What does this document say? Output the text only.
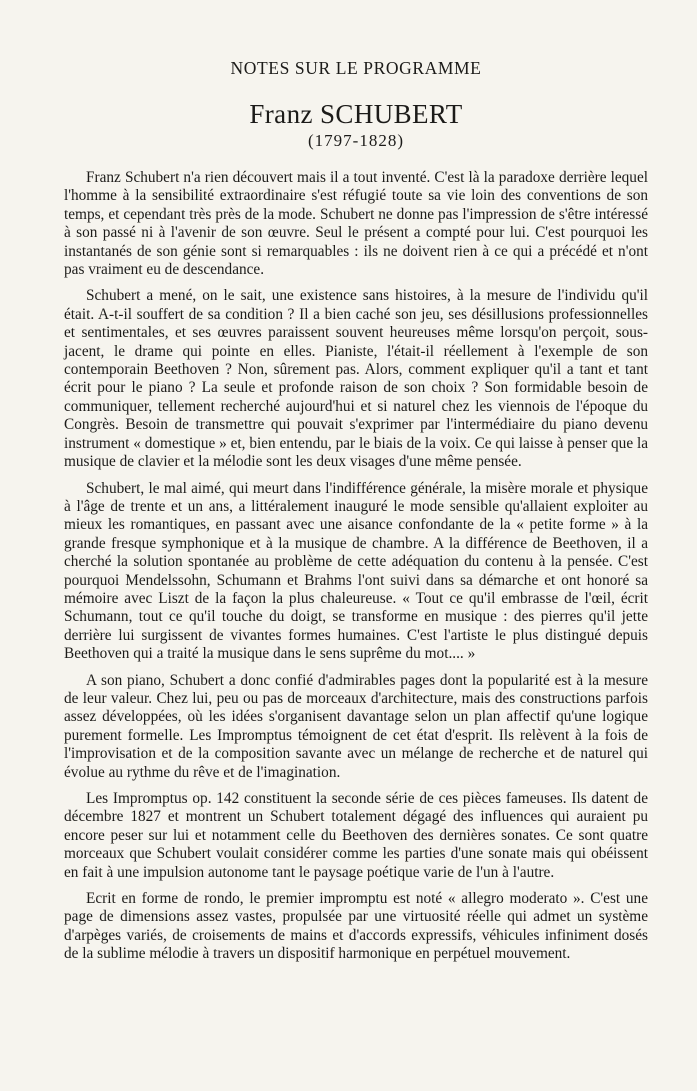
NOTES SUR LE PROGRAMME
Franz SCHUBERT
(1797-1828)

Franz Schubert n'a rien découvert mais il a tout inventé. C'est là la paradoxe derrière lequel l'homme à la sensibilité extraordinaire s'est réfugié toute sa vie loin des conventions de son temps, et cependant très près de la mode. Schubert ne donne pas l'impression de s'être intéressé à son passé ni à l'avenir de son œuvre. Seul le présent a compté pour lui. C'est pourquoi les instantanés de son génie sont si remarquables : ils ne doivent rien à ce qui a précédé et n'ont pas vraiment eu de descendance.

Schubert a mené, on le sait, une existence sans histoires, à la mesure de l'individu qu'il était. A-t-il souffert de sa condition ? Il a bien caché son jeu, ses désillusions professionnelles et sentimentales, et ses œuvres paraissent souvent heureuses même lorsqu'on perçoit, sous-jacent, le drame qui pointe en elles. Pianiste, l'était-il réellement à l'exemple de son contemporain Beethoven ? Non, sûrement pas. Alors, comment expliquer qu'il a tant et tant écrit pour le piano ? La seule et profonde raison de son choix ? Son formidable besoin de communiquer, tellement recherché aujourd'hui et si naturel chez les viennois de l'époque du Congrès. Besoin de transmettre qui pouvait s'exprimer par l'intermédiaire du piano devenu instrument « domestique » et, bien entendu, par le biais de la voix. Ce qui laisse à penser que la musique de clavier et la mélodie sont les deux visages d'une même pensée.

Schubert, le mal aimé, qui meurt dans l'indifférence générale, la misère morale et physique à l'âge de trente et un ans, a littéralement inauguré le mode sensible qu'allaient exploiter au mieux les romantiques, en passant avec une aisance confondante de la « petite forme » à la grande fresque symphonique et à la musique de chambre. A la différence de Beethoven, il a cherché la solution spontanée au problème de cette adéquation du contenu à la pensée. C'est pourquoi Mendelssohn, Schumann et Brahms l'ont suivi dans sa démarche et ont honoré sa mémoire avec Liszt de la façon la plus chaleureuse. « Tout ce qu'il embrasse de l'œil, écrit Schumann, tout ce qu'il touche du doigt, se transforme en musique : des pierres qu'il jette derrière lui surgissent de vivantes formes humaines. C'est l'artiste le plus distingué depuis Beethoven qui a traité la musique dans le sens suprême du mot.... »

A son piano, Schubert a donc confié d'admirables pages dont la popularité est à la mesure de leur valeur. Chez lui, peu ou pas de morceaux d'architecture, mais des constructions parfois assez développées, où les idées s'organisent davantage selon un plan affectif qu'une logique purement formelle. Les Impromptus témoignent de cet état d'esprit. Ils relèvent à la fois de l'improvisation et de la composition savante avec un mélange de recherche et de naturel qui évolue au rythme du rêve et de l'imagination.

Les Impromptus op. 142 constituent la seconde série de ces pièces fameuses. Ils datent de décembre 1827 et montrent un Schubert totalement dégagé des influences qui auraient pu encore peser sur lui et notamment celle du Beethoven des dernières sonates. Ce sont quatre morceaux que Schubert voulait considérer comme les parties d'une sonate mais qui obéissent en fait à une impulsion autonome tant le paysage poétique varie de l'un à l'autre.

Ecrit en forme de rondo, le premier impromptu est noté « allegro moderato ». C'est une page de dimensions assez vastes, propulsée par une virtuosité réelle qui admet un système d'arpèges variés, de croisements de mains et d'accords expressifs, véhicules infiniment dosés de la sublime mélodie à travers un dispositif harmonique en perpétuel mouvement.
